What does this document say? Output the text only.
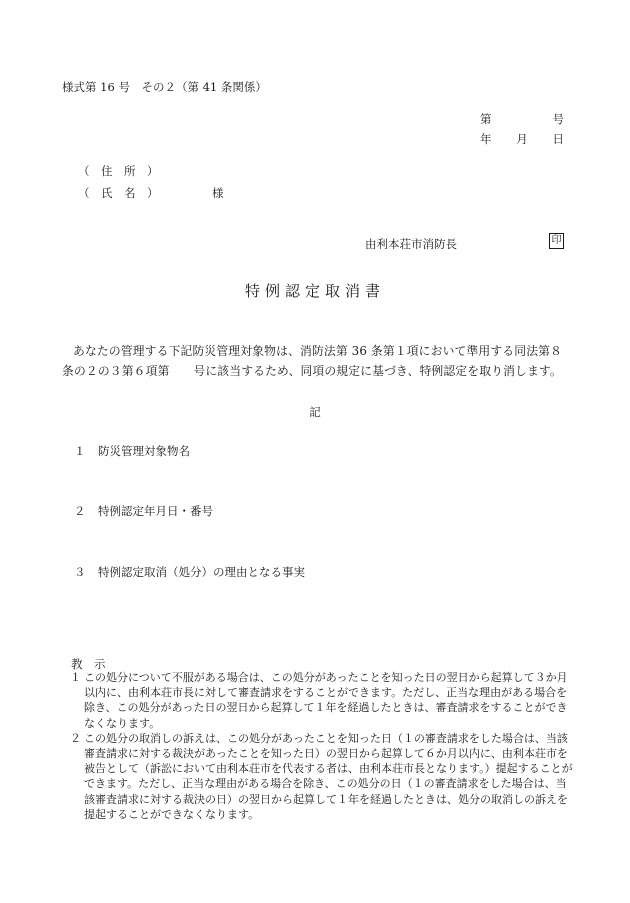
様式第 16 号　その２（第 41 条関係）
第	号
年 月 日
（　住　所　）
（　氏　名　）	様
由利本荘市消防長	印
特例認定取消書
あなたの管理する下記防災管理対象物は、消防法第 36 条第１項において準用する同法第８条の２の３第６項第　　号に該当するため、同項の規定に基づき、特例認定を取り消します。
記
１ 防災管理対象物名
２ 特例認定年月日・番号
３ 特例認定取消（処分）の理由となる事実
教　示
１ この処分について不服がある場合は、この処分があったことを知った日の翌日から起算して３か月以内に、由利本荘市長に対して審査請求をすることができます。ただし、正当な理由がある場合を除き、この処分があった日の翌日から起算して１年を経過したときは、審査請求をすることができなくなります。
２ この処分の取消しの訴えは、この処分があったことを知った日（１の審査請求をした場合は、当該審査請求に対する裁決があったことを知った日）の翌日から起算して６か月以内に、由利本荘市を被告として（訴訟において由利本荘市を代表する者は、由利本荘市長となります。）提起することができます。ただし、正当な理由がある場合を除き、この処分の日（１の審査請求をした場合は、当該審査請求に対する裁決の日）の翌日から起算して１年を経過したときは、処分の取消しの訴えを提起することができなくなります。
